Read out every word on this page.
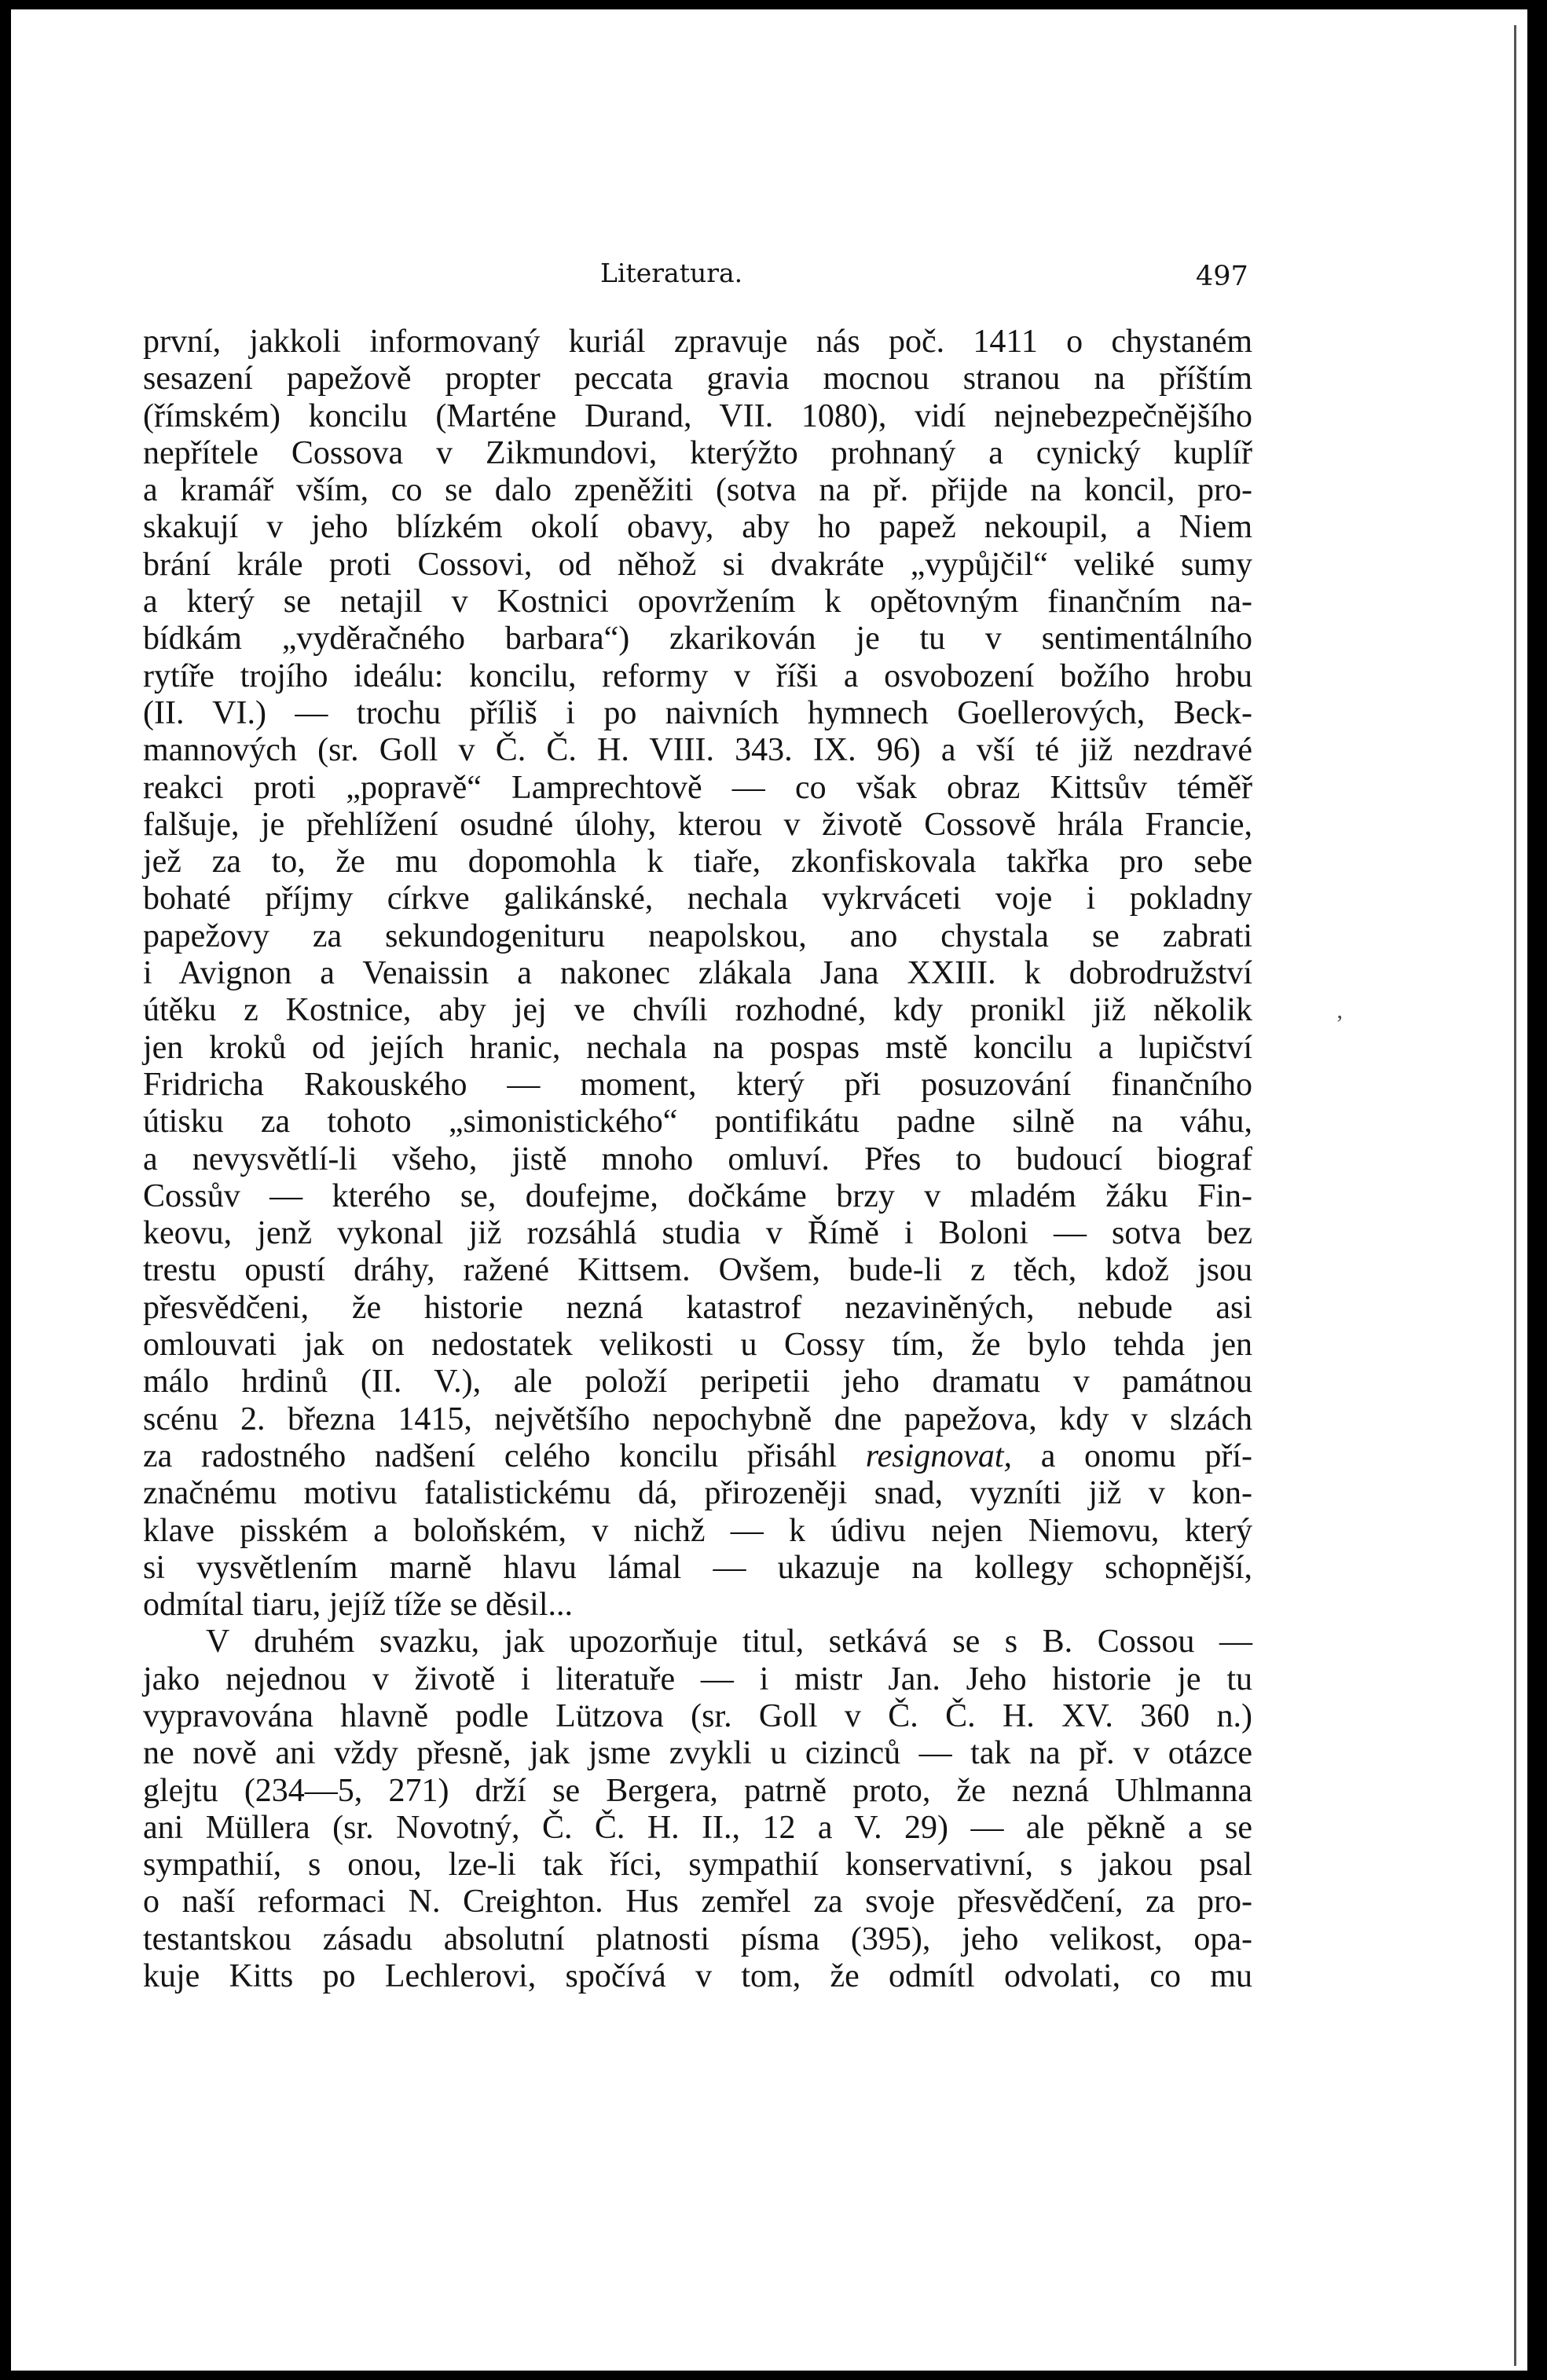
Literatura.	497
ʼ
první, jakkoli informovaný kuriál zpravuje nás poč. 1411 o chystaném
sesazení papežově propter peccata gravia mocnou stranou na příštím
(římském) koncilu (Marténe Durand, VII. 1080), vidí nejnebezpečnějšího
nepřítele Cossova v Zikmundovi, kterýžto prohnaný a cynický kuplíř
a kramář vším, co se dalo zpeněžiti (sotva na př. přijde na koncil, pro-
skakují v jeho blízkém okolí obavy, aby ho papež nekoupil, a Niem
brání krále proti Cossovi, od něhož si dvakráte „vypůjčil“ veliké sumy
a který se netajil v Kostnici opovržením k opětovným finančním na-
bídkám „vyděračného barbara“) zkarikován je tu v sentimentálního
rytíře trojího ideálu: koncilu, reformy v říši a osvobození božího hrobu
(II. VI.) — trochu příliš i po naivních hymnech Goellerových, Beck-
mannových (sr. Goll v Č. Č. H. VIII. 343. IX. 96) a vší té již nezdravé
reakci proti „popravě“ Lamprechtově — co však obraz Kittsův téměř
falšuje, je přehlížení osudné úlohy, kterou v životě Cossově hrála Francie,
jež za to, že mu dopomohla k tiaře, zkonfiskovala takřka pro sebe
bohaté příjmy církve galikánské, nechala vykrváceti voje i pokladny
papežovy za sekundogenituru neapolskou, ano chystala se zabrati
i Avignon a Venaissin a nakonec zlákala Jana XXIII. k dobrodružství
útěku z Kostnice, aby jej ve chvíli rozhodné, kdy pronikl již několik
jen kroků od jejích hranic, nechala na pospas mstě koncilu a lupičství
Fridricha Rakouského — moment, který při posuzování finančního
útisku za tohoto „simonistického“ pontifikátu padne silně na váhu,
a nevysvětlí-li všeho, jistě mnoho omluví. Přes to budoucí biograf
Cossův — kterého se, doufejme, dočkáme brzy v mladém žáku Fin-
keovu, jenž vykonal již rozsáhlá studia v Římě i Boloni — sotva bez
trestu opustí dráhy, ražené Kittsem. Ovšem, bude-li z těch, kdož jsou
přesvědčeni, že historie nezná katastrof nezaviněných, nebude asi
omlouvati jak on nedostatek velikosti u Cossy tím, že bylo tehda jen
málo hrdinů (II. V.), ale položí peripetii jeho dramatu v památnou
scénu 2. března 1415, největšího nepochybně dne papežova, kdy v slzách
za radostného nadšení celého koncilu přisáhl resignovat, a onomu pří-
značnému motivu fatalistickému dá, přirozeněji snad, vyzníti již v kon-
klave pisském a boloňském, v nichž — k údivu nejen Niemovu, který
si vysvětlením marně hlavu lámal — ukazuje na kollegy schopnější,
odmítal tiaru, jejíž tíže se děsil...
V druhém svazku, jak upozorňuje titul, setkává se s B. Cossou —
jako nejednou v životě i literatuře — i mistr Jan. Jeho historie je tu
vypravována hlavně podle Lützova (sr. Goll v Č. Č. H. XV. 360 n.)
ne nově ani vždy přesně, jak jsme zvykli u cizinců — tak na př. v otázce
glejtu (234—5, 271) drží se Bergera, patrně proto, že nezná Uhlmanna
ani Müllera (sr. Novotný, Č. Č. H. II., 12 a V. 29) — ale pěkně a se
sympathií, s onou, lze-li tak říci, sympathií konservativní, s jakou psal
o naší reformaci N. Creighton. Hus zemřel za svoje přesvědčení, za pro-
testantskou zásadu absolutní platnosti písma (395), jeho velikost, opa-
kuje Kitts po Lechlerovi, spočívá v tom, že odmítl odvolati, co mu
